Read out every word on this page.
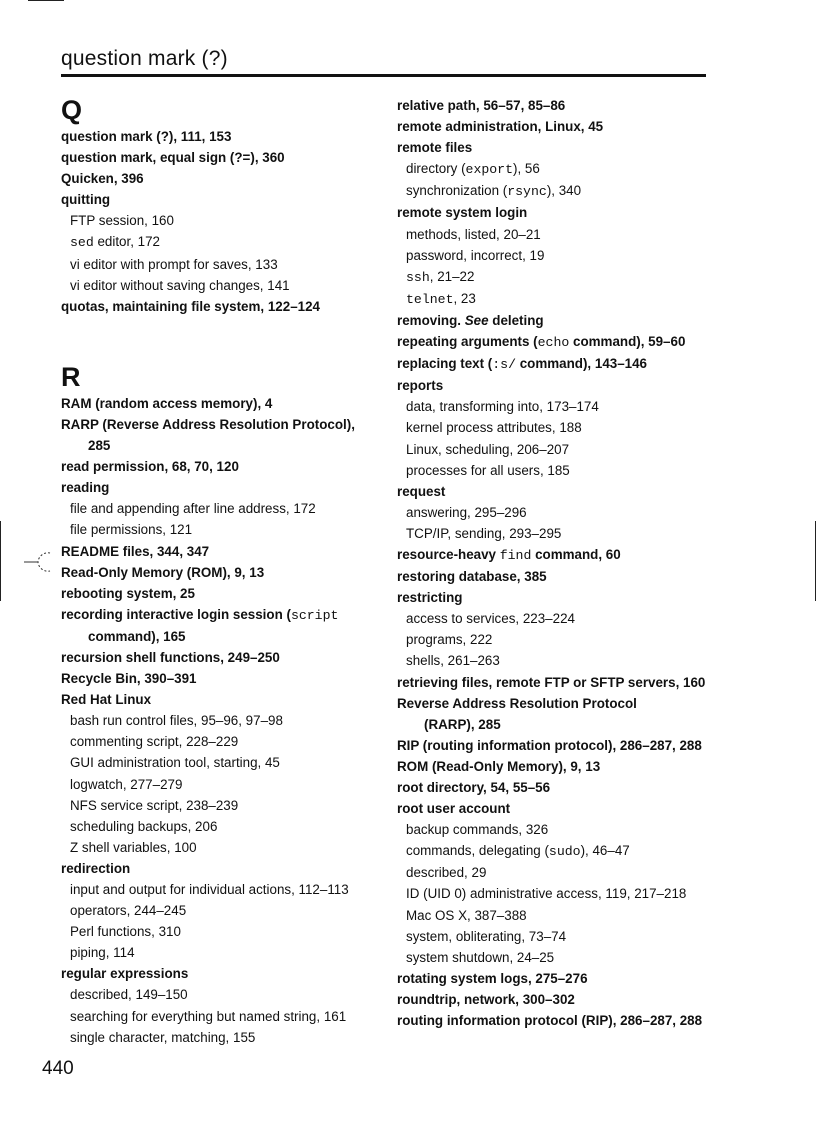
question mark (?)
Q
question mark (?), 111, 153
question mark, equal sign (?=), 360
Quicken, 396
quitting
FTP session, 160
sed editor, 172
vi editor with prompt for saves, 133
vi editor without saving changes, 141
quotas, maintaining file system, 122–124
R
RAM (random access memory), 4
RARP (Reverse Address Resolution Protocol),
285
read permission, 68, 70, 120
reading
file and appending after line address, 172
file permissions, 121
README files, 344, 347
Read-Only Memory (ROM), 9, 13
rebooting system, 25
recording interactive login session (script
command), 165
recursion shell functions, 249–250
Recycle Bin, 390–391
Red Hat Linux
bash run control files, 95–96, 97–98
commenting script, 228–229
GUI administration tool, starting, 45
logwatch, 277–279
NFS service script, 238–239
scheduling backups, 206
Z shell variables, 100
redirection
input and output for individual actions, 112–113
operators, 244–245
Perl functions, 310
piping, 114
regular expressions
described, 149–150
searching for everything but named string, 161
single character, matching, 155
relative path, 56–57, 85–86
remote administration, Linux, 45
remote files
directory (export), 56
synchronization (rsync), 340
remote system login
methods, listed, 20–21
password, incorrect, 19
ssh, 21–22
telnet, 23
removing. See deleting
repeating arguments (echo command), 59–60
replacing text (:s/ command), 143–146
reports
data, transforming into, 173–174
kernel process attributes, 188
Linux, scheduling, 206–207
processes for all users, 185
request
answering, 295–296
TCP/IP, sending, 293–295
resource-heavy find command, 60
restoring database, 385
restricting
access to services, 223–224
programs, 222
shells, 261–263
retrieving files, remote FTP or SFTP servers, 160
Reverse Address Resolution Protocol
(RARP), 285
RIP (routing information protocol), 286–287, 288
ROM (Read-Only Memory), 9, 13
root directory, 54, 55–56
root user account
backup commands, 326
commands, delegating (sudo), 46–47
described, 29
ID (UID 0) administrative access, 119, 217–218
Mac OS X, 387–388
system, obliterating, 73–74
system shutdown, 24–25
rotating system logs, 275–276
roundtrip, network, 300–302
routing information protocol (RIP), 286–287, 288
440
